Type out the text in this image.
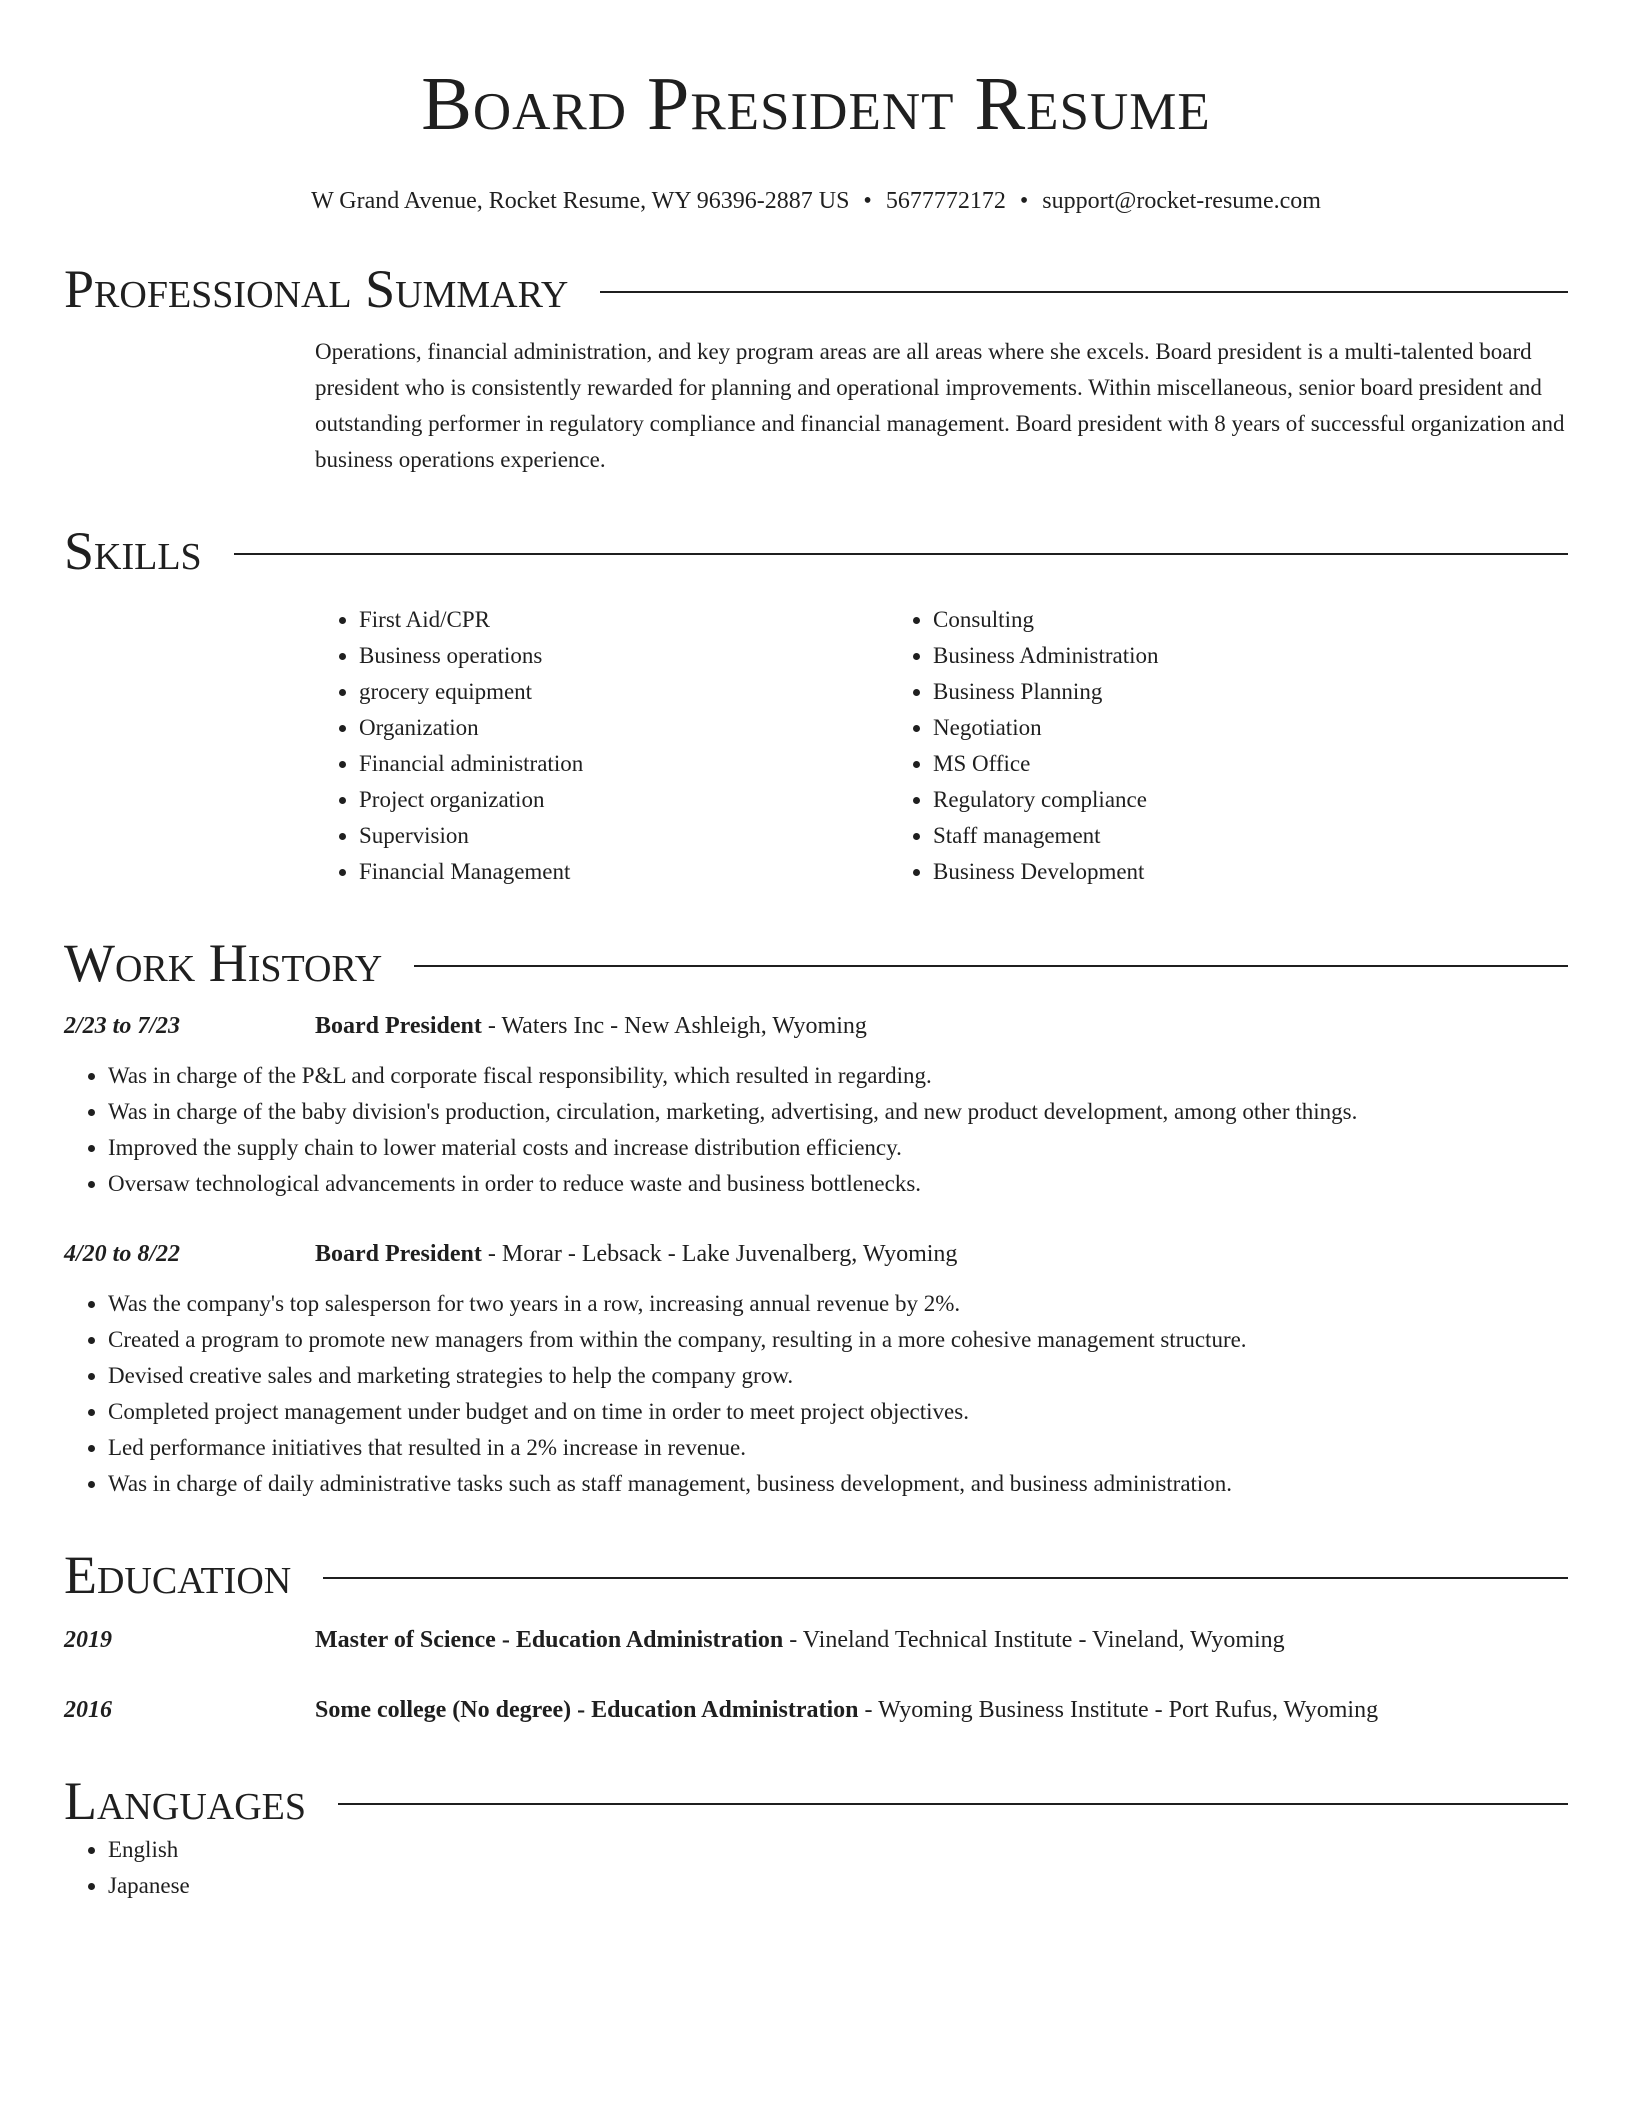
Board President Resume
W Grand Avenue, Rocket Resume, WY 96396-2887 US • 5677772172 • support@rocket-resume.com
Professional Summary
Operations, financial administration, and key program areas are all areas where she excels. Board president is a multi-talented board president who is consistently rewarded for planning and operational improvements. Within miscellaneous, senior board president and outstanding performer in regulatory compliance and financial management. Board president with 8 years of successful organization and business operations experience.
Skills
• First Aid/CPR
• Business operations
• grocery equipment
• Organization
• Financial administration
• Project organization
• Supervision
• Financial Management
• Consulting
• Business Administration
• Business Planning
• Negotiation
• MS Office
• Regulatory compliance
• Staff management
• Business Development
Work History
2/23 to 7/23	Board President - Waters Inc - New Ashleigh, Wyoming
• Was in charge of the P&L and corporate fiscal responsibility, which resulted in regarding.
• Was in charge of the baby division's production, circulation, marketing, advertising, and new product development, among other things.
• Improved the supply chain to lower material costs and increase distribution efficiency.
• Oversaw technological advancements in order to reduce waste and business bottlenecks.
4/20 to 8/22	Board President - Morar - Lebsack - Lake Juvenalberg, Wyoming
• Was the company's top salesperson for two years in a row, increasing annual revenue by 2%.
• Created a program to promote new managers from within the company, resulting in a more cohesive management structure.
• Devised creative sales and marketing strategies to help the company grow.
• Completed project management under budget and on time in order to meet project objectives.
• Led performance initiatives that resulted in a 2% increase in revenue.
• Was in charge of daily administrative tasks such as staff management, business development, and business administration.
Education
2019	Master of Science - Education Administration - Vineland Technical Institute - Vineland, Wyoming
2016	Some college (No degree) - Education Administration - Wyoming Business Institute - Port Rufus, Wyoming
Languages
• English
• Japanese
